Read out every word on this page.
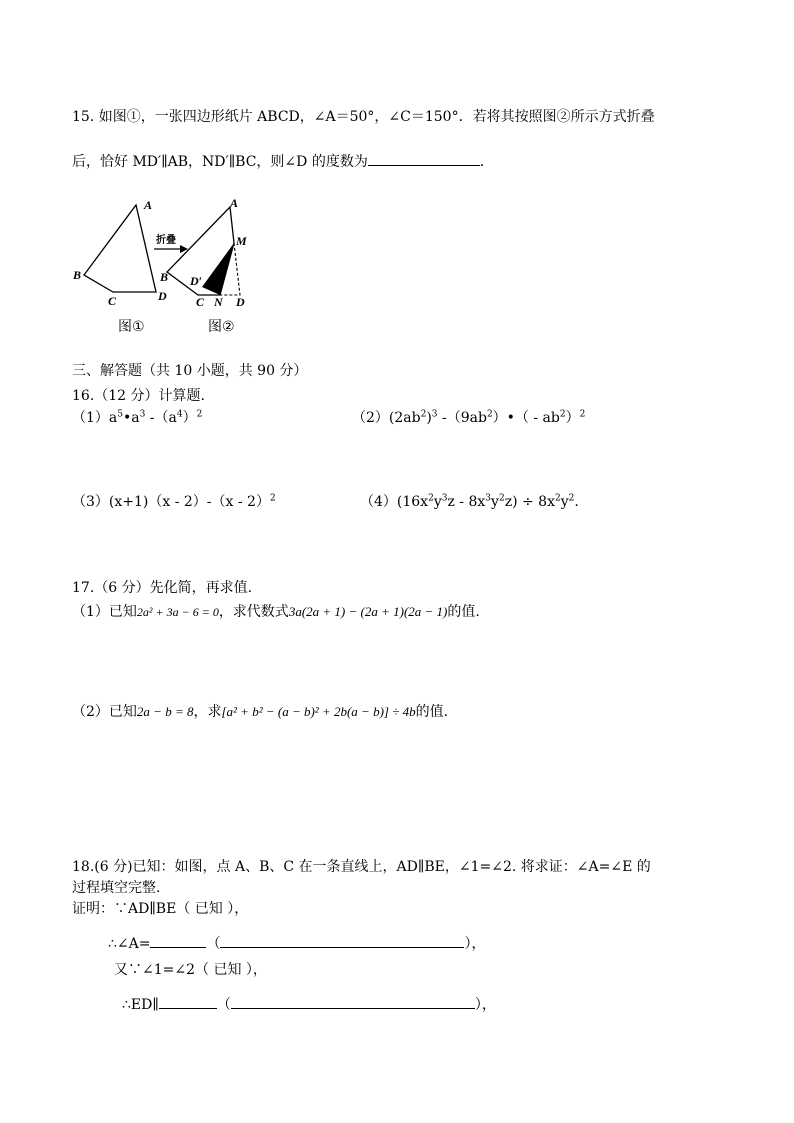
15. 如图①，一张四边形纸片 ABCD，∠A＝50°，∠C＝150°．若将其按照图②所示方式折叠
后，恰好 MD′∥AB，ND′∥BC，则∠D 的度数为	．
A
B
C	D
折叠
A
M
B D′
C N D
图①	图②
三、解答题（共 10 小题，共 90 分）
16.（12 分）计算题.
$(1)a^5•a^3$ $-(a^4)^2$	$(2)(2ab^2)^3$ $-(9ab^2)•( - ab^2)^2$
（3）(x+1)（x - 2）-（x - 2）$^2$	$(4)(16x^2y^3z - 8x^3y^2z) \div 8x^2y^2$.
17.（6 分）先化简，再求值.
（1）已知2a² + 3a − 6 = 0，求代数式3a(2a + 1) − (2a + 1)(2a − 1)的值.
（2）已知2a − b = 8，求[a² + b² − (a − b)² + 2b(a − b)] ÷ 4b的值.
18.(6 分)已知：如图，点 A、B、C 在一条直线上，AD∥BE，∠1=∠2. 将求证：∠A=∠E 的
过程填空完整.
证明：∵AD∥BE（ 已知 ），
∴∠A=	（	），
又∵∠1=∠2（ 已知 ），
∴ED∥	（	），
